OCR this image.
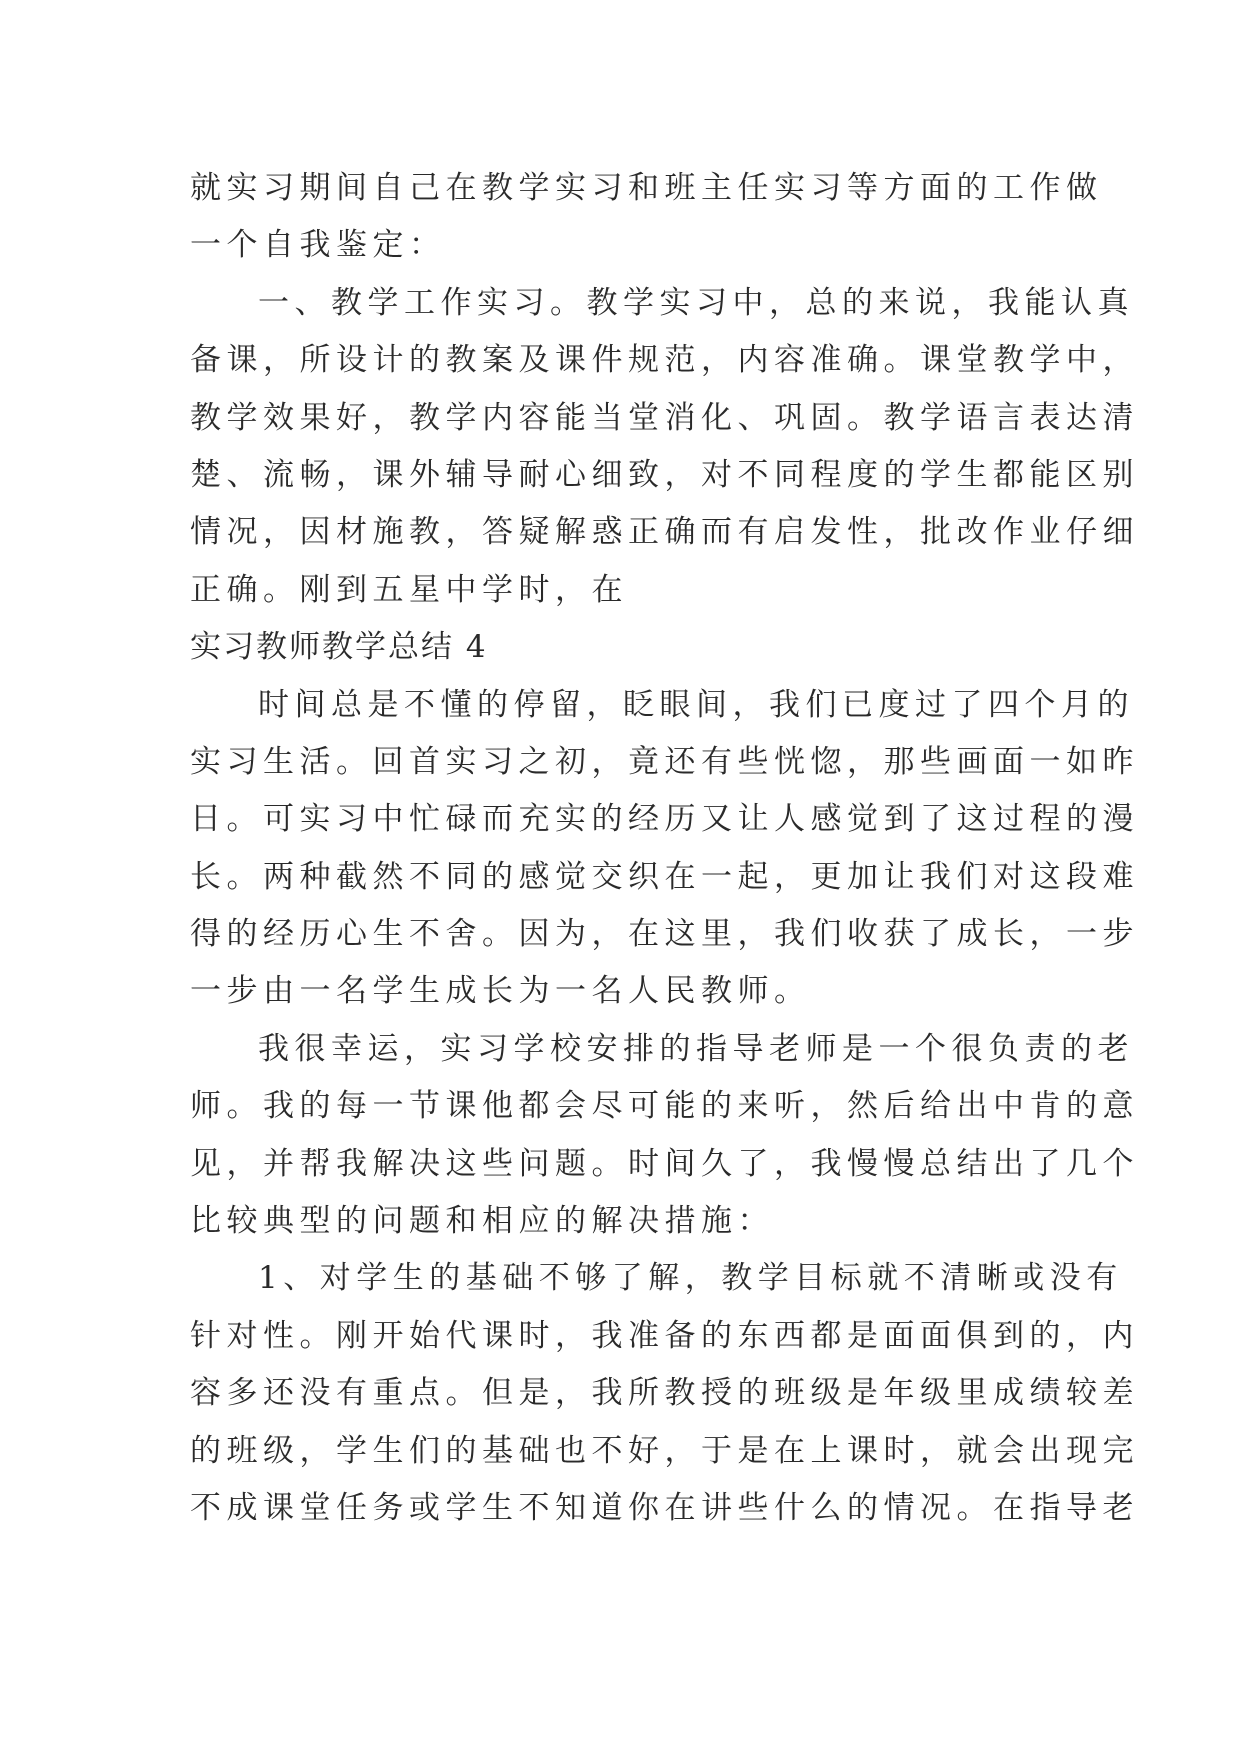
就实习期间自己在教学实习和班主任实习等方面的工作做
一个自我鉴定：
一、教学工作实习。教学实习中，总的来说，我能认真
备课，所设计的教案及课件规范，内容准确。课堂教学中，
教学效果好，教学内容能当堂消化、巩固。教学语言表达清
楚、流畅，课外辅导耐心细致，对不同程度的学生都能区别
情况，因材施教，答疑解惑正确而有启发性，批改作业仔细
正确。刚到五星中学时，在
实习教师教学总结 4
时间总是不懂的停留，眨眼间，我们已度过了四个月的
实习生活。回首实习之初，竟还有些恍惚，那些画面一如昨
日。可实习中忙碌而充实的经历又让人感觉到了这过程的漫
长。两种截然不同的感觉交织在一起，更加让我们对这段难
得的经历心生不舍。因为，在这里，我们收获了成长，一步
一步由一名学生成长为一名人民教师。
我很幸运，实习学校安排的指导老师是一个很负责的老
师。我的每一节课他都会尽可能的来听，然后给出中肯的意
见，并帮我解决这些问题。时间久了，我慢慢总结出了几个
比较典型的问题和相应的解决措施：
1、对学生的基础不够了解，教学目标就不清晰或没有
针对性。刚开始代课时，我准备的东西都是面面俱到的，内
容多还没有重点。但是，我所教授的班级是年级里成绩较差
的班级，学生们的基础也不好，于是在上课时，就会出现完
不成课堂任务或学生不知道你在讲些什么的情况。在指导老
